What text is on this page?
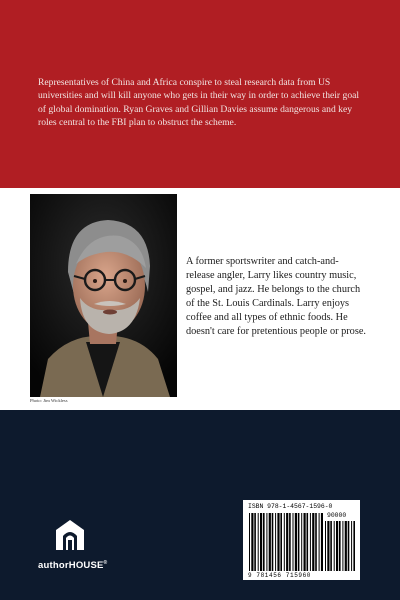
Representatives of China and Africa conspire to steal research data from US universities and will kill anyone who gets in their way in order to achieve their goal of global domination. Ryan Graves and Gillian Davies assume dangerous and key roles central to the FBI plan to obstruct the scheme.

Photo: Jim Wickless

A former sportswriter and catch-and-release angler, Larry likes country music, gospel, and jazz. He belongs to the church of the St. Louis Cardinals. Larry enjoys coffee and all types of ethnic foods. He doesn't care for pretentious people or prose.

authorHOUSE®
ISBN 978-1-4567-1596-0
90000
9 781456 715960
